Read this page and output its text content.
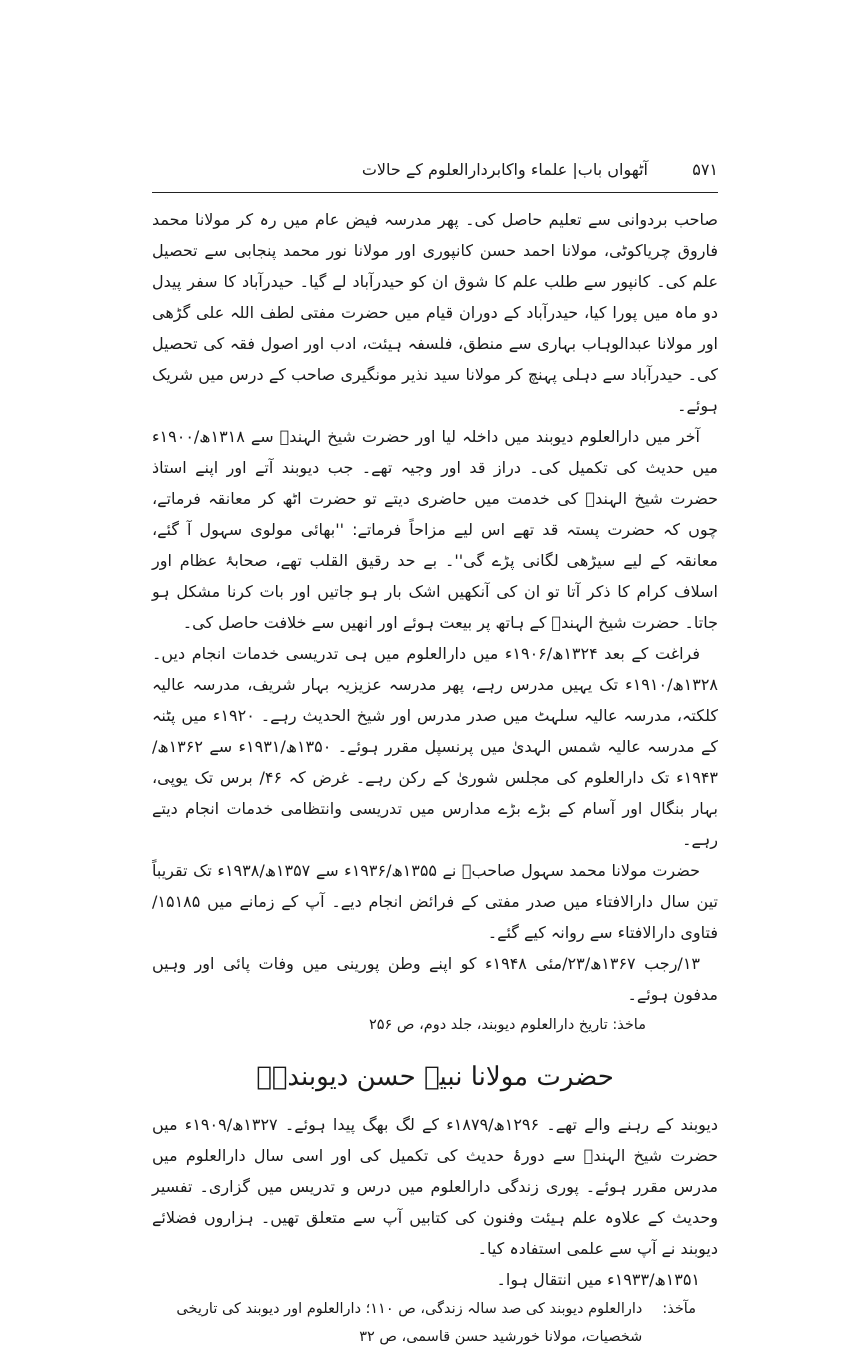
آٹھواں باب| علماء واکابردارالعلوم کے حالات	۵۷۱

صاحب بردوانی سے تعلیم حاصل کی۔ پھر مدرسہ فیض عام میں رہ کر مولانا محمد فاروق چریاکوٹی، مولانا احمد حسن کانپوری اور مولانا نور محمد پنجابی سے تحصیل علم کی۔ کانپور سے طلب علم کا شوق ان کو حیدرآباد لے گیا۔ حیدرآباد کا سفر پیدل دو ماہ میں پورا کیا، حیدرآباد کے دوران قیام میں حضرت مفتی لطف اللہ علی گڑھی اور مولانا عبدالوہاب بہاری سے منطق، فلسفہ ہیئت، ادب اور اصول فقہ کی تحصیل کی۔ حیدرآباد سے دہلی پہنچ کر مولانا سید نذیر مونگیری صاحب کے درس میں شریک ہوئے۔

آخر میں دارالعلوم دیوبند میں داخلہ لیا اور حضرت شیخ الہندؒ سے ۱۳۱۸ھ/۱۹۰۰ء میں حدیث کی تکمیل کی۔ دراز قد اور وجیہ تھے۔ جب دیوبند آتے اور اپنے استاذ حضرت شیخ الہندؒ کی خدمت میں حاضری دیتے تو حضرت اٹھ کر معانقہ فرماتے، چوں کہ حضرت پستہ قد تھے اس لیے مزاحاً فرماتے: ''بھائی مولوی سہول آ گئے، معانقہ کے لیے سیڑھی لگانی پڑے گی''۔ بے حد رقیق القلب تھے، صحابۂ عظام اور اسلاف کرام کا ذکر آتا تو ان کی آنکھیں اشک بار ہو جاتیں اور بات کرنا مشکل ہو جاتا۔ حضرت شیخ الہندؒ کے ہاتھ پر بیعت ہوئے اور انھیں سے خلافت حاصل کی۔

فراغت کے بعد ۱۳۲۴ھ/۱۹۰۶ء میں دارالعلوم میں ہی تدریسی خدمات انجام دیں۔ ۱۳۲۸ھ/۱۹۱۰ء تک یہیں مدرس رہے، پھر مدرسہ عزیزیہ بہار شریف، مدرسہ عالیہ کلکتہ، مدرسہ عالیہ سلہٹ میں صدر مدرس اور شیخ الحدیث رہے۔ ۱۹۲۰ء میں پٹنہ کے مدرسہ عالیہ شمس الہدیٰ میں پرنسپل مقرر ہوئے۔ ۱۳۵۰ھ/۱۹۳۱ء سے ۱۳۶۲ھ/۱۹۴۳ء تک دارالعلوم کی مجلس شوریٰ کے رکن رہے۔ غرض کہ ۴۶/ برس تک یوپی، بہار بنگال اور آسام کے بڑے بڑے مدارس میں تدریسی وانتظامی خدمات انجام دیتے رہے۔

حضرت مولانا محمد سہول صاحبؒ نے ۱۳۵۵ھ/۱۹۳۶ء سے ۱۳۵۷ھ/۱۹۳۸ء تک تقریباً تین سال دارالافتاء میں صدر مفتی کے فرائض انجام دیے۔ آپ کے زمانے میں ۱۵۱۸۵/فتاوی دارالافتاء سے روانہ کیے گئے۔

۱۳/رجب ۱۳۶۷ھ/۲۳/مئی ۱۹۴۸ء کو اپنے وطن پورینی میں وفات پائی اور وہیں مدفون ہوئے۔

ماخذ: تاریخ دارالعلوم دیوبند، جلد دوم، ص ۲۵۶

حضرت مولانا نبیہ حسن دیوبندیؒ

دیوبند کے رہنے والے تھے۔ ۱۲۹۶ھ/۱۸۷۹ء کے لگ بھگ پیدا ہوئے۔ ۱۳۲۷ھ/۱۹۰۹ء میں حضرت شیخ الہندؒ سے دورۂ حدیث کی تکمیل کی اور اسی سال دارالعلوم میں مدرس مقرر ہوئے۔ پوری زندگی دارالعلوم میں درس و تدریس میں گزاری۔ تفسیر وحدیث کے علاوہ علم ہیئت وفنون کی کتابیں آپ سے متعلق تھیں۔ ہزاروں فضلائے دیوبند نے آپ سے علمی استفادہ کیا۔

۱۳۵۱ھ/۱۹۳۳ء میں انتقال ہوا۔

مآخذ:
دارالعلوم دیوبند کی صد سالہ زندگی، ص ۱۱۰؛ دارالعلوم اور دیوبند کی تاریخی شخصیات، مولانا خورشید حسن قاسمی، ص ۳۲
